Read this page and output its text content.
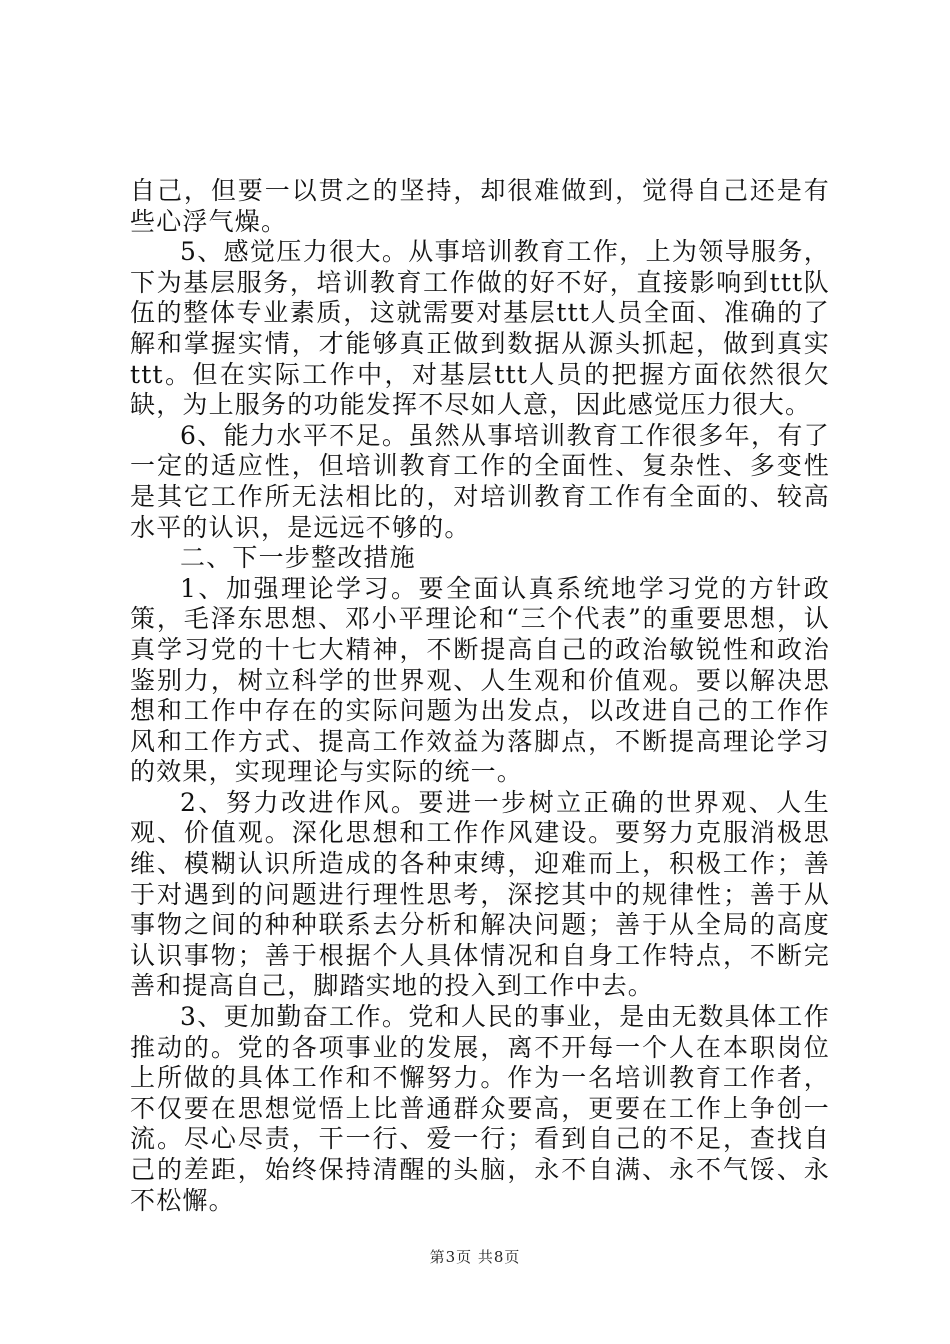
自己，但要一以贯之的坚持，却很难做到，觉得自己还是有些心浮气燥。

5、感觉压力很大。从事培训教育工作，上为领导服务，下为基层服务，培训教育工作做的好不好，直接影响到ttt队伍的整体专业素质，这就需要对基层ttt人员全面、准确的了解和掌握实情，才能够真正做到数据从源头抓起，做到真实ttt。但在实际工作中，对基层ttt人员的把握方面依然很欠缺，为上服务的功能发挥不尽如人意，因此感觉压力很大。

6、能力水平不足。虽然从事培训教育工作很多年，有了一定的适应性，但培训教育工作的全面性、复杂性、多变性是其它工作所无法相比的，对培训教育工作有全面的、较高水平的认识，是远远不够的。

二、下一步整改措施

1、加强理论学习。要全面认真系统地学习党的方针政策，毛泽东思想、邓小平理论和“三个代表”的重要思想，认真学习党的十七大精神，不断提高自己的政治敏锐性和政治鉴别力，树立科学的世界观、人生观和价值观。要以解决思想和工作中存在的实际问题为出发点，以改进自己的工作作风和工作方式、提高工作效益为落脚点，不断提高理论学习的效果，实现理论与实际的统一。

2、努力改进作风。要进一步树立正确的世界观、人生观、价值观。深化思想和工作作风建设。要努力克服消极思维、模糊认识所造成的各种束缚，迎难而上，积极工作；善于对遇到的问题进行理性思考，深挖其中的规律性；善于从事物之间的种种联系去分析和解决问题；善于从全局的高度认识事物；善于根据个人具体情况和自身工作特点，不断完善和提高自己，脚踏实地的投入到工作中去。

3、更加勤奋工作。党和人民的事业，是由无数具体工作推动的。党的各项事业的发展，离不开每一个人在本职岗位上所做的具体工作和不懈努力。作为一名培训教育工作者，不仅要在思想觉悟上比普通群众要高，更要在工作上争创一流。尽心尽责，干一行、爱一行；看到自己的不足，查找自己的差距，始终保持清醒的头脑，永不自满、永不气馁、永不松懈。

第3页 共8页
